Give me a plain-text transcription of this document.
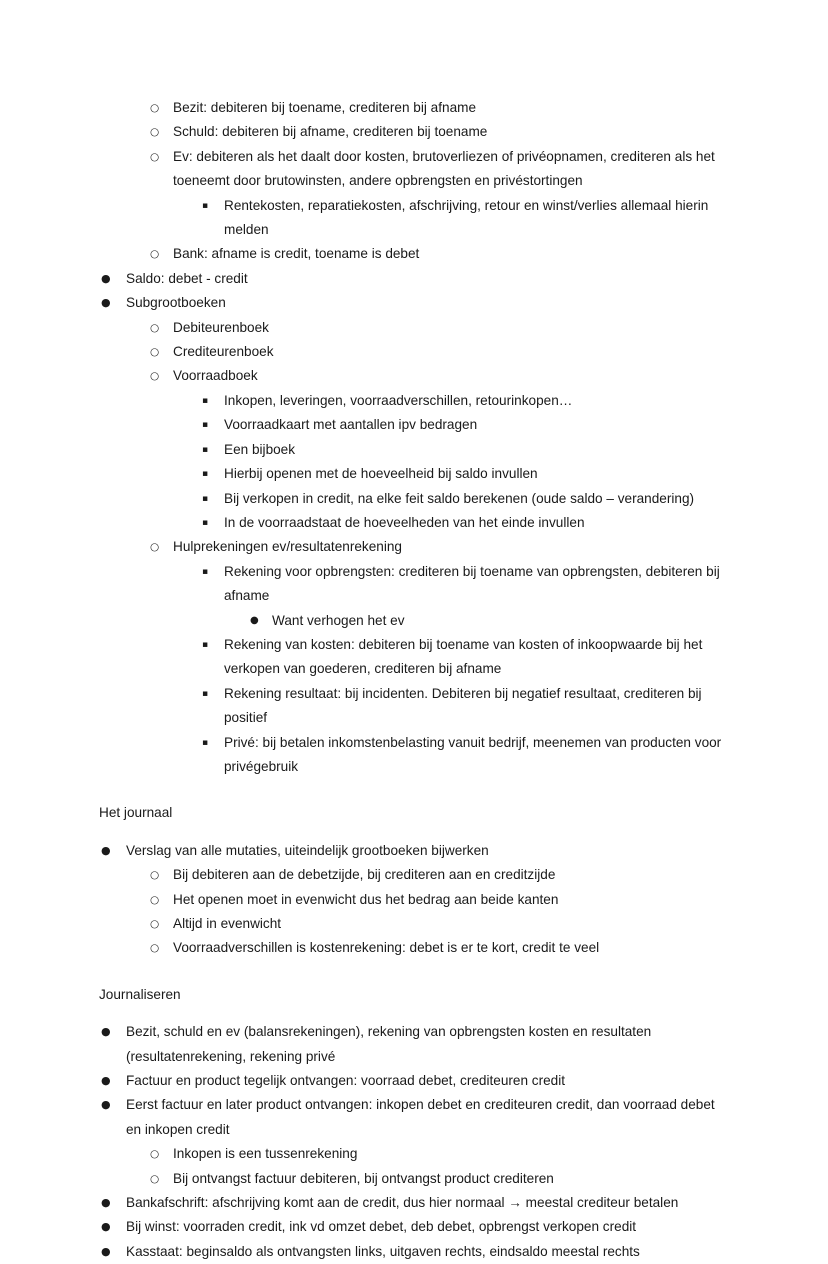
○	Bezit: debiteren bij toename, crediteren bij afname
○	Schuld: debiteren bij afname, crediteren bij toename
○	Ev: debiteren als het daalt door kosten, brutoverliezen of privéopnamen, crediteren als het toeneemt door brutowinsten, andere opbrengsten en privéstortingen
▪	Rentekosten, reparatiekosten, afschrijving, retour en winst/verlies allemaal hierin melden
○	Bank: afname is credit, toename is debet
●	Saldo: debet - credit
●	Subgrootboeken
○	Debiteurenboek
○	Crediteurenboek
○	Voorraadboek
▪	Inkopen, leveringen, voorraadverschillen, retourinkopen…
▪	Voorraadkaart met aantallen ipv bedragen
▪	Een bijboek
▪	Hierbij openen met de hoeveelheid bij saldo invullen
▪	Bij verkopen in credit, na elke feit saldo berekenen (oude saldo – verandering)
▪	In de voorraadstaat de hoeveelheden van het einde invullen
○	Hulprekeningen ev/resultatenrekening
▪	Rekening voor opbrengsten: crediteren bij toename van opbrengsten, debiteren bij afname
● Want verhogen het ev
▪	Rekening van kosten: debiteren bij toename van kosten of inkoopwaarde bij het verkopen van goederen, crediteren bij afname
▪	Rekening resultaat: bij incidenten. Debiteren bij negatief resultaat, crediteren bij positief
▪	Privé: bij betalen inkomstenbelasting vanuit bedrijf, meenemen van producten voor privégebruik

Het journaal

●	Verslag van alle mutaties, uiteindelijk grootboeken bijwerken
○	Bij debiteren aan de debetzijde, bij crediteren aan en creditzijde
○	Het openen moet in evenwicht dus het bedrag aan beide kanten
○	Altijd in evenwicht
○	Voorraadverschillen is kostenrekening: debet is er te kort, credit te veel

Journaliseren

●	Bezit, schuld en ev (balansrekeningen), rekening van opbrengsten kosten en resultaten (resultatenrekening, rekening privé
●	Factuur en product tegelijk ontvangen: voorraad debet, crediteuren credit
●	Eerst factuur en later product ontvangen: inkopen debet en crediteuren credit, dan voorraad debet en inkopen credit
○	Inkopen is een tussenrekening
○	Bij ontvangst factuur debiteren, bij ontvangst product crediteren
●	Bankafschrift: afschrijving komt aan de credit, dus hier normaal → meestal crediteur betalen
●	Bij winst: voorraden credit, ink vd omzet debet, deb debet, opbrengst verkopen credit
●	Kasstaat: beginsaldo als ontvangsten links, uitgaven rechts, eindsaldo meestal rechts
